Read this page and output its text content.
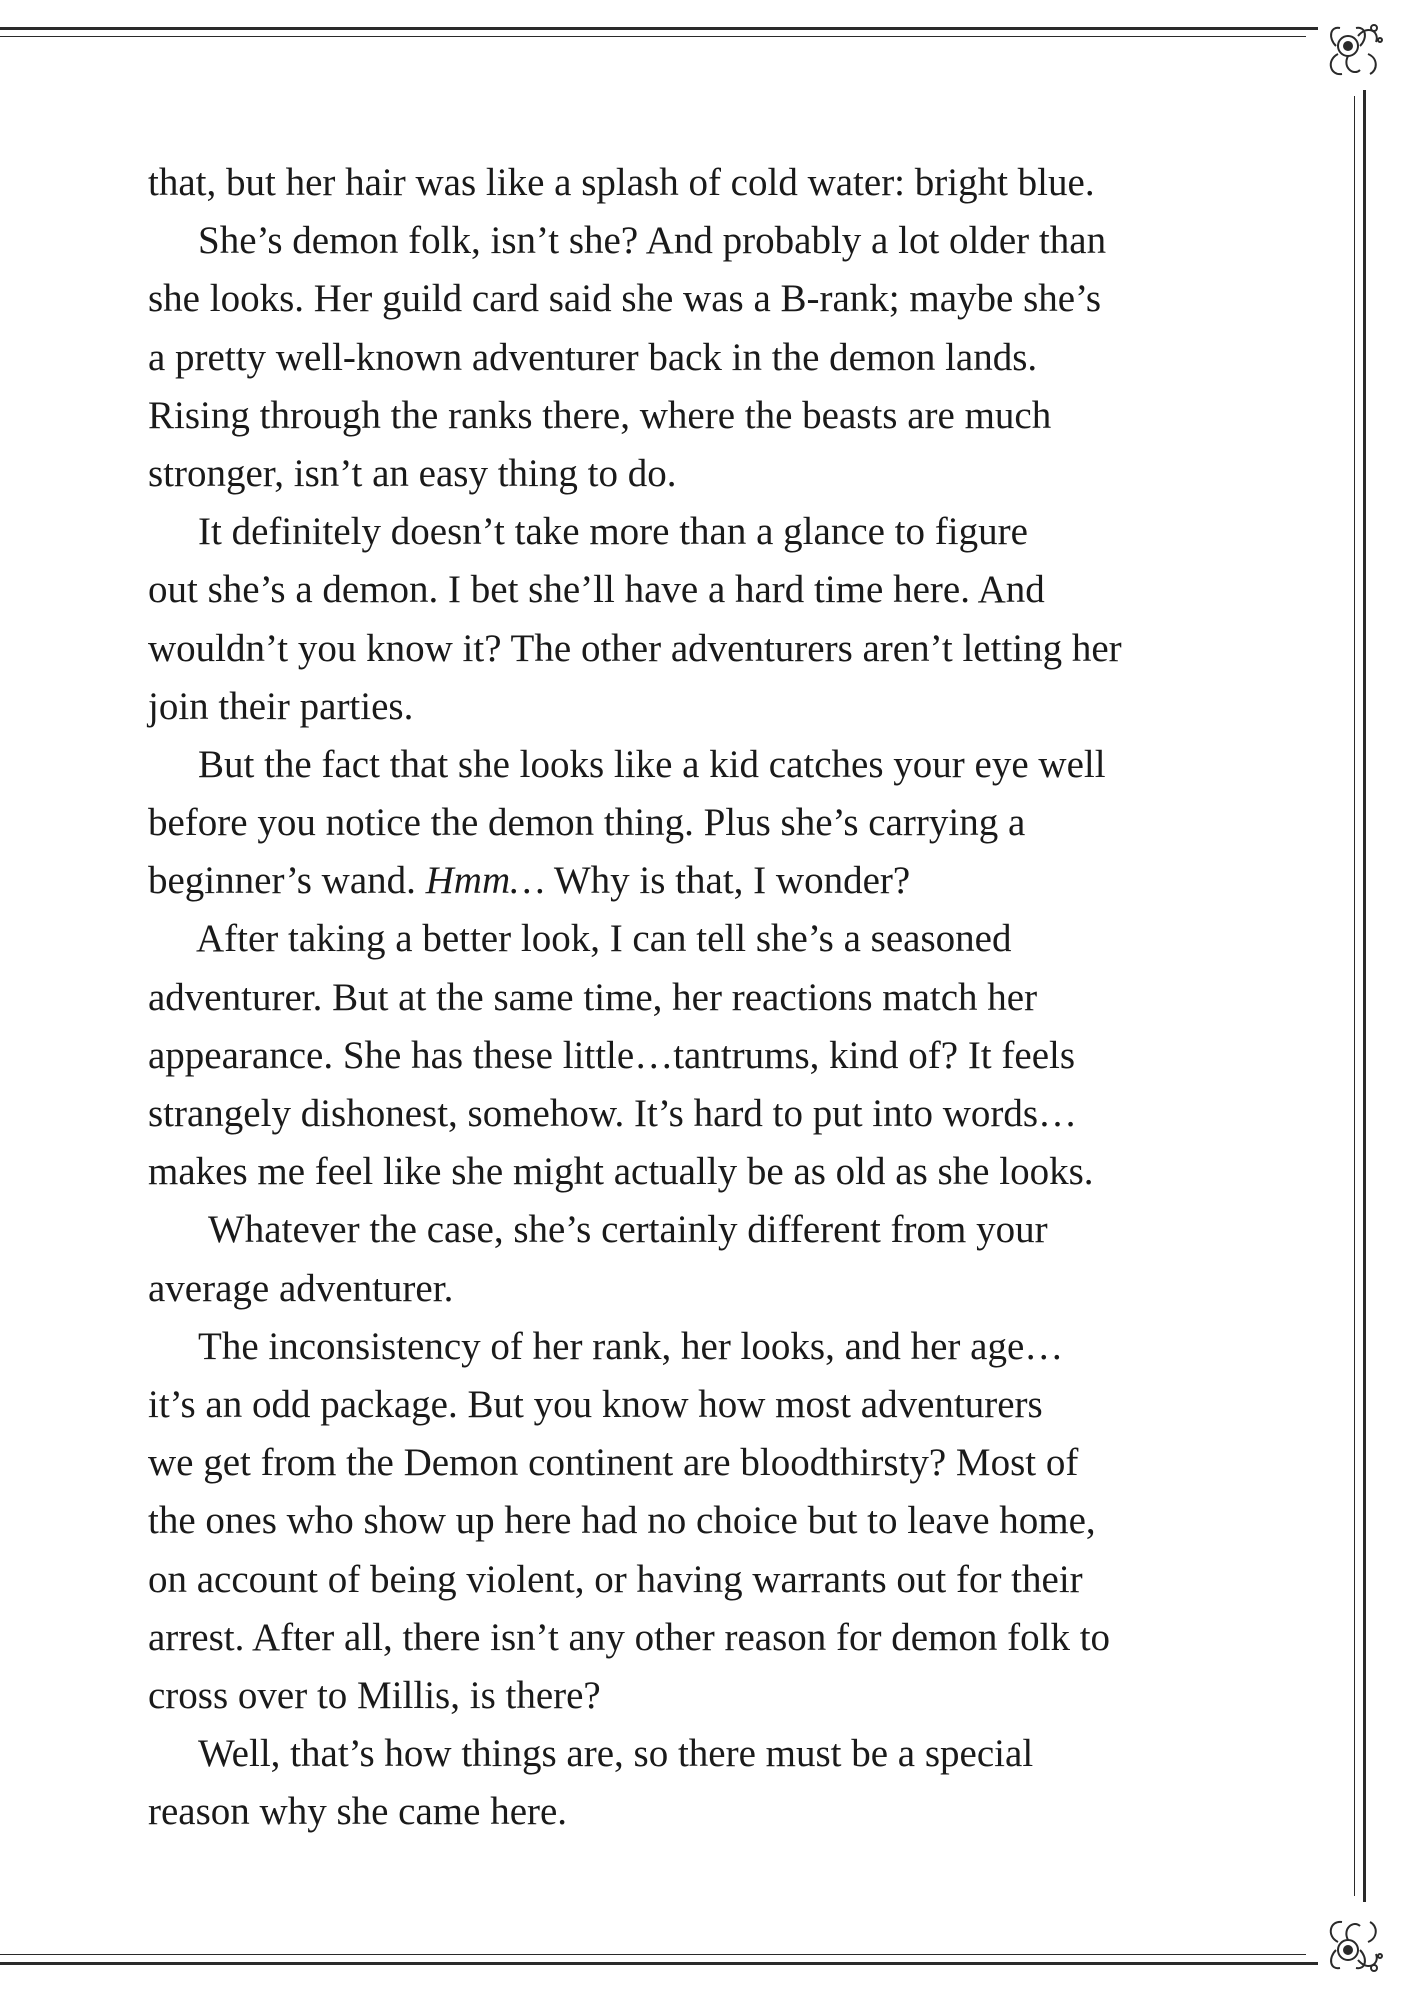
that, but her hair was like a splash of cold water: bright blue.
She’s demon folk, isn’t she? And probably a lot older than
she looks. Her guild card said she was a B-rank; maybe she’s
a pretty well-known adventurer back in the demon lands.
Rising through the ranks there, where the beasts are much
stronger, isn’t an easy thing to do.
It definitely doesn’t take more than a glance to figure
out she’s a demon. I bet she’ll have a hard time here. And
wouldn’t you know it? The other adventurers aren’t letting her
join their parties.
But the fact that she looks like a kid catches your eye well
before you notice the demon thing. Plus she’s carrying a
beginner’s wand. Hmm… Why is that, I wonder?
After taking a better look, I can tell she’s a seasoned
adventurer. But at the same time, her reactions match her
appearance. She has these little…tantrums, kind of? It feels
strangely dishonest, somehow. It’s hard to put into words…
makes me feel like she might actually be as old as she looks.
Whatever the case, she’s certainly different from your
average adventurer.
The inconsistency of her rank, her looks, and her age…
it’s an odd package. But you know how most adventurers
we get from the Demon continent are bloodthirsty? Most of
the ones who show up here had no choice but to leave home,
on account of being violent, or having warrants out for their
arrest. After all, there isn’t any other reason for demon folk to
cross over to Millis, is there?
Well, that’s how things are, so there must be a special
reason why she came here.
